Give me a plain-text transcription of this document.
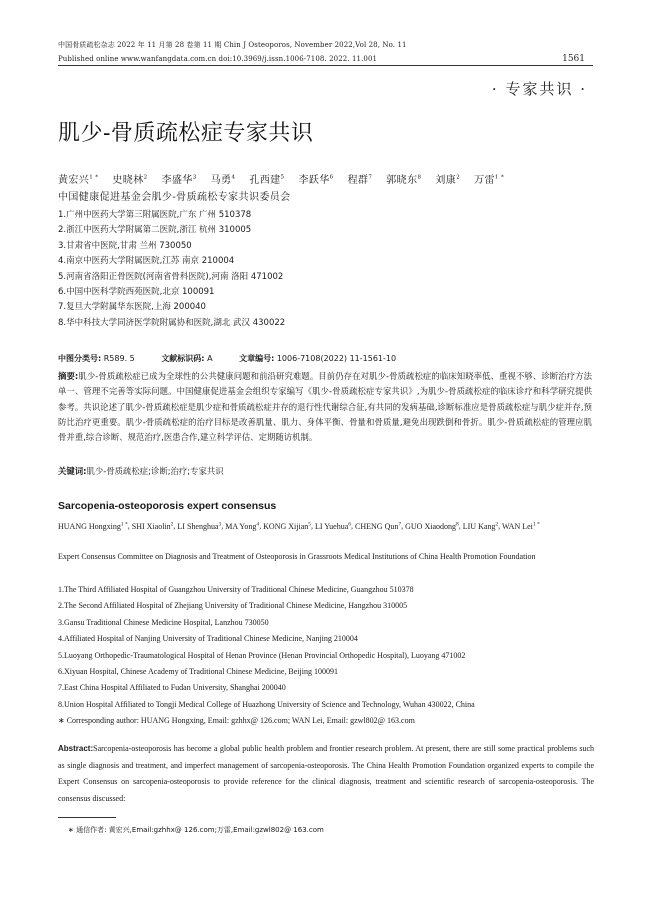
中国骨质疏松杂志 2022 年 11 月第 28 卷第 11 期 Chin J Osteoporos, November 2022,Vol 28, No. 11
Published online www.wanfangdata.com.cn doi:10.3969/j.issn.1006-7108. 2022. 11.001	1561
· 专家共识 ·
肌少-骨质疏松症专家共识
黄宏兴$^{1 *}$ 史晓林$^2$ 李盛华$^3$ 马勇$^4$ 孔西建$^5$ 李跃华$^6$ 程群$^7$ 郭晓东$^8$ 刘康$^2$ 万雷$^{1 *}$
中国健康促进基金会肌少-骨质疏松专家共识委员会
1.广州中医药大学第三附属医院,广东 广州 510378
2.浙江中医药大学附属第二医院,浙江 杭州 310005
3.甘肃省中医院,甘肃 兰州 730050
4.南京中医药大学附属医院,江苏 南京 210004
5.河南省洛阳正骨医院(河南省骨科医院),河南 洛阳 471002
6.中国中医科学院西苑医院,北京 100091
7.复旦大学附属华东医院,上海 200040
8.华中科技大学同济医学院附属协和医院,湖北 武汉 430022
中图分类号: R589. 5	文献标识码: A	文章编号: 1006-7108(2022) 11-1561-10
摘要:肌少-骨质疏松症已成为全球性的公共健康问题和前沿研究难题。目前仍存在对肌少-骨质疏松症的临床知晓率低、重视不够、诊断治疗方法单一、管理不完善等实际问题。中国健康促进基金会组织专家编写《肌少-骨质疏松症专家共识》,为肌少-骨质疏松症的临床诊疗和科学研究提供参考。共识论述了肌少-骨质疏松症是肌少症和骨质疏松症并存的退行性代谢综合征,有共同的发病基础,诊断标准应是骨质疏松症与肌少症并存,预防比治疗更重要。肌少-骨质疏松症的治疗目标是改善肌量、肌力、身体平衡、骨量和骨质量,避免出现跌倒和骨折。肌少-骨质疏松症的管理应肌骨并重,综合诊断、规范治疗,医患合作,建立科学评估、定期随访机制。
关键词:肌少-骨质疏松症;诊断;治疗;专家共识
Sarcopenia-osteoporosis expert consensus
HUANG Hongxing$^{1 *}$, SHI Xiaolin$^2$, LI Shenghua$^3$, MA Yong$^4$, KONG Xijian$^5$, LI Yuehua$^6$, CHENG Qun$^7$, GUO Xiaodong$^8$, LIU Kang$^2$, WAN Lei$^{1 *}$
Expert Consensus Committee on Diagnosis and Treatment of Osteoporosis in Grassroots Medical Institutions of China Health Promotion Foundation
1.The Third Affiliated Hospital of Guangzhou University of Traditional Chinese Medicine, Guangzhou 510378
2.The Second Affiliated Hospital of Zhejiang University of Traditional Chinese Medicine, Hangzhou 310005
3.Gansu Traditional Chinese Medicine Hospital, Lanzhou 730050
4.Affiliated Hospital of Nanjing University of Traditional Chinese Medicine, Nanjing 210004
5.Luoyang Orthopedic-Traumatological Hospital of Henan Province (Henan Provincial Orthopedic Hospital), Luoyang 471002
6.Xiyuan Hospital, Chinese Academy of Traditional Chinese Medicine, Beijing 100091
7.East China Hospital Affiliated to Fudan University, Shanghai 200040
8.Union Hospital Affiliated to Tongji Medical College of Huazhong University of Science and Technology, Wuhan 430022, China
∗ Corresponding author: HUANG Hongxing, Email: gzhhx@ 126.com; WAN Lei, Email: gzwl802@ 163.com
Abstract:Sarcopenia-osteoporosis has become a global public health problem and frontier research problem. At present, there are still some practical problems such as single diagnosis and treatment, and imperfect management of sarcopenia-osteoporosis. The China Health Promotion Foundation organized experts to compile the Expert Consensus on sarcopenia-osteoporosis to provide reference for the clinical diagnosis, treatment and scientific research of sarcopenia-osteoporosis. The consensus discussed:
∗ 通信作者: 黄宏兴,Email:gzhhx@ 126.com;万雷,Email:gzwl802@ 163.com
